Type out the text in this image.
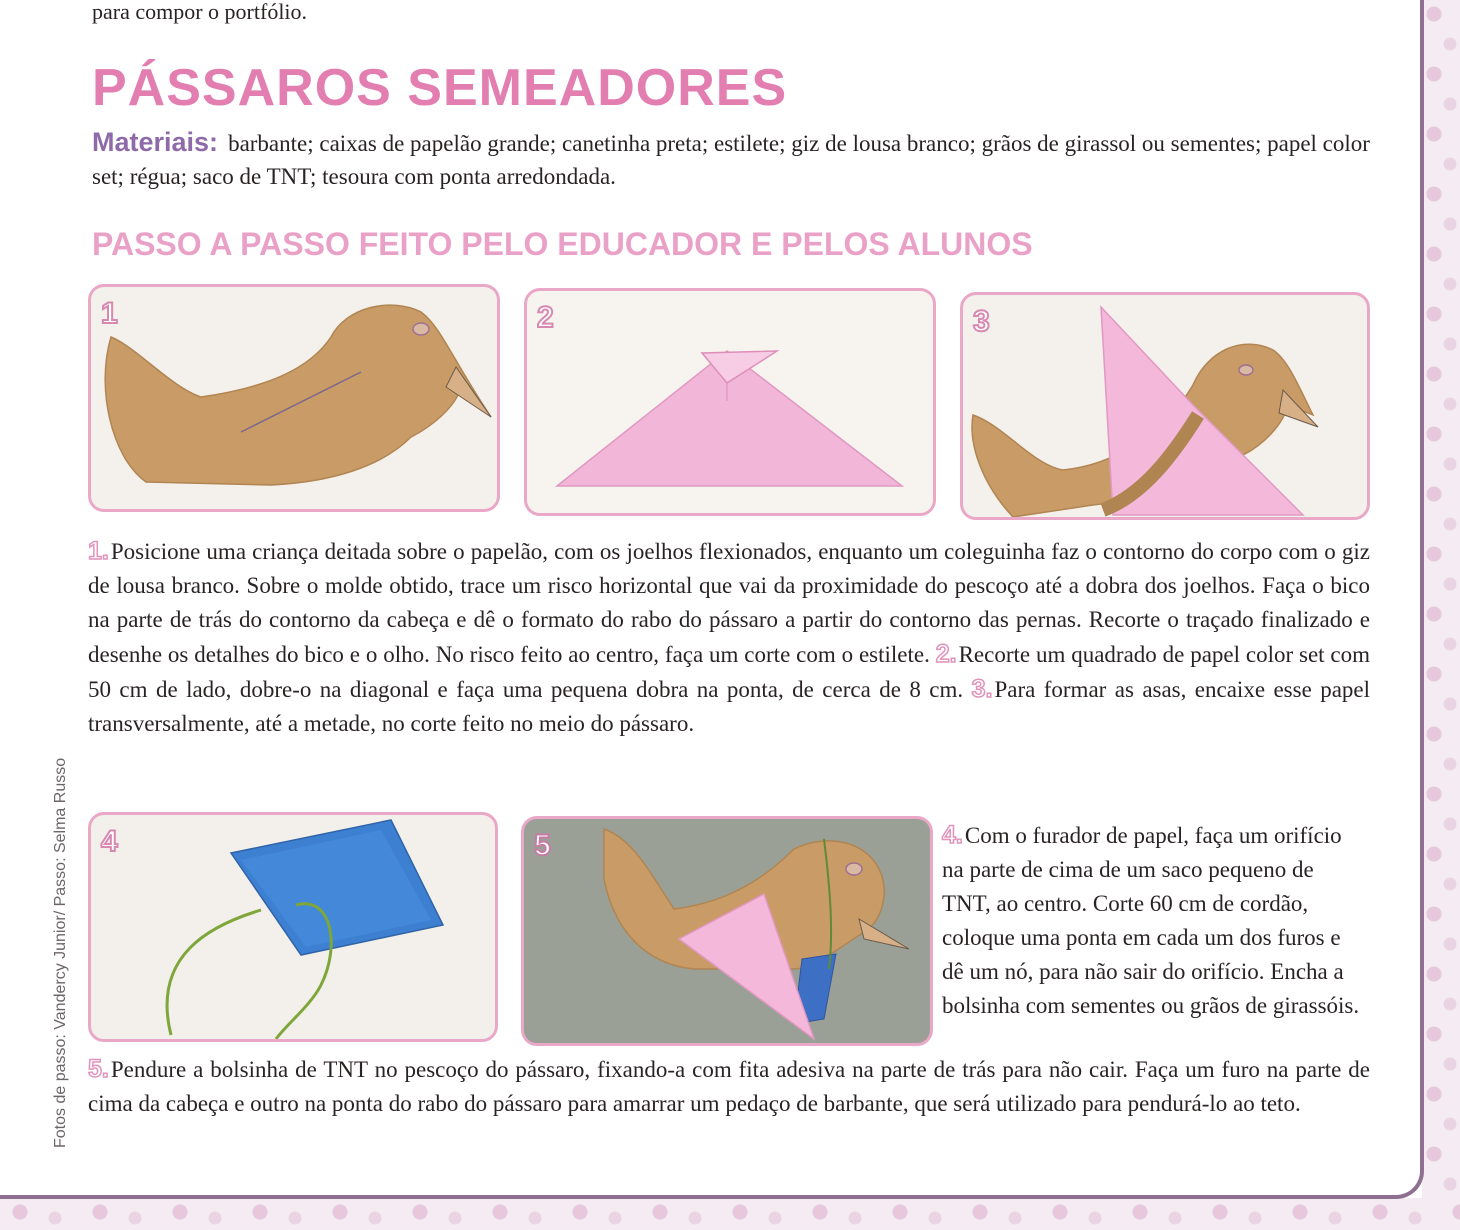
Fotos de passo: Vandercy Junior/ Passo: Selma Russo
para compor o portfólio.
PÁSSAROS SEMEADORES
Materiais: barbante; caixas de papelão grande; canetinha preta; estilete; giz de lousa branco; grãos de girassol ou sementes; papel color set; régua; saco de TNT; tesoura com ponta arredondada.
PASSO A PASSO FEITO PELO EDUCADOR E PELOS ALUNOS
1	2	3

1.Posicione uma criança deitada sobre o papelão, com os joelhos flexionados, enquanto um coleguinha faz o contorno do corpo com o giz de lousa branco. Sobre o molde obtido, trace um risco horizontal que vai da proximidade do pescoço até a dobra dos joelhos. Faça o bico na parte de trás do contorno da cabeça e dê o formato do rabo do pássaro a partir do contorno das pernas. Recorte o traçado finalizado e desenhe os detalhes do bico e o olho. No risco feito ao centro, faça um corte com o estilete. 2.Recorte um quadrado de papel color set com 50 cm de lado, dobre-o na diagonal e faça uma pequena dobra na ponta, de cerca de 8 cm. 3.Para formar as asas, encaixe esse papel transversalmente, até a metade, no corte feito no meio do pássaro.

4	5	4.Com o furador de papel, faça um orifício na parte de cima de um saco pequeno de TNT, ao centro. Corte 60 cm de cordão, coloque uma ponta em cada um dos furos e dê um nó, para não sair do orifício. Encha a bolsinha com sementes ou grãos de girassóis.

5.Pendure a bolsinha de TNT no pescoço do pássaro, fixando-a com fita adesiva na parte de trás para não cair. Faça um furo na parte de cima da cabeça e outro na ponta do rabo do pássaro para amarrar um pedaço de barbante, que será utilizado para pendurá-lo ao teto.
